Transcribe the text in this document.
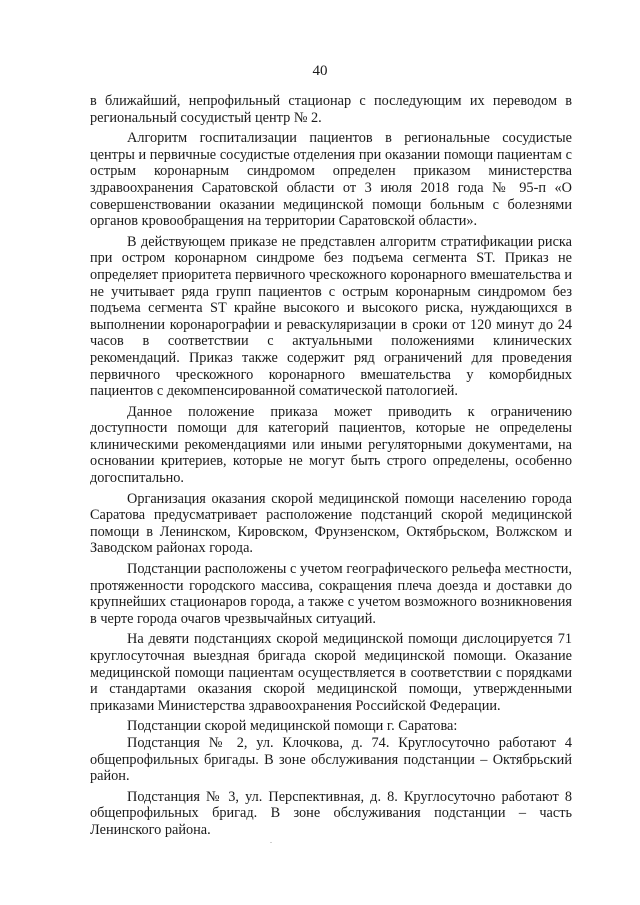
40

в ближайший, непрофильный стационар с последующим их переводом в региональный сосудистый центр № 2.

Алгоритм госпитализации пациентов в региональные сосудистые центры и первичные сосудистые отделения при оказании помощи пациентам с острым коронарным синдромом определен приказом министерства здравоохранения Саратовской области от 3 июля 2018 года № 95-п «О совершенствовании оказании медицинской помощи больным с болезнями органов кровообращения на территории Саратовской области».

В действующем приказе не представлен алгоритм стратификации риска при остром коронарном синдроме без подъема сегмента ST. Приказ не определяет приоритета первичного чрескожного коронарного вмешательства и не учитывает ряда групп пациентов с острым коронарным синдромом без подъема сегмента ST крайне высокого и высокого риска, нуждающихся в выполнении коронарографии и реваскуляризации в сроки от 120 минут до 24 часов в соответствии с актуальными положениями клинических рекомендаций. Приказ также содержит ряд ограничений для проведения первичного чрескожного коронарного вмешательства у коморбидных пациентов с декомпенсированной соматической патологией.

Данное положение приказа может приводить к ограничению доступности помощи для категорий пациентов, которые не определены клиническими рекомендациями или иными регуляторными документами, на основании критериев, которые не могут быть строго определены, особенно догоспитально.

Организация оказания скорой медицинской помощи населению города Саратова предусматривает расположение подстанций скорой медицинской помощи в Ленинском, Кировском, Фрунзенском, Октябрьском, Волжском и Заводском районах города.

Подстанции расположены с учетом географического рельефа местности, протяженности городского массива, сокращения плеча доезда и доставки до крупнейших стационаров города, а также с учетом возможного возникновения в черте города очагов чрезвычайных ситуаций.

На девяти подстанциях скорой медицинской помощи дислоцируется 71 круглосуточная выездная бригада скорой медицинской помощи. Оказание медицинской помощи пациентам осуществляется в соответствии с порядками и стандартами оказания скорой медицинской помощи, утвержденными приказами Министерства здравоохранения Российской Федерации.

Подстанции скорой медицинской помощи г. Саратова:

Подстанция № 2, ул. Клочкова, д. 74. Круглосуточно работают 4 общепрофильных бригады. В зоне обслуживания подстанции – Октябрьский район.

Подстанция № 3, ул. Перспективная, д. 8. Круглосуточно работают 8 общепрофильных бригад. В зоне обслуживания подстанции – часть Ленинского района.
